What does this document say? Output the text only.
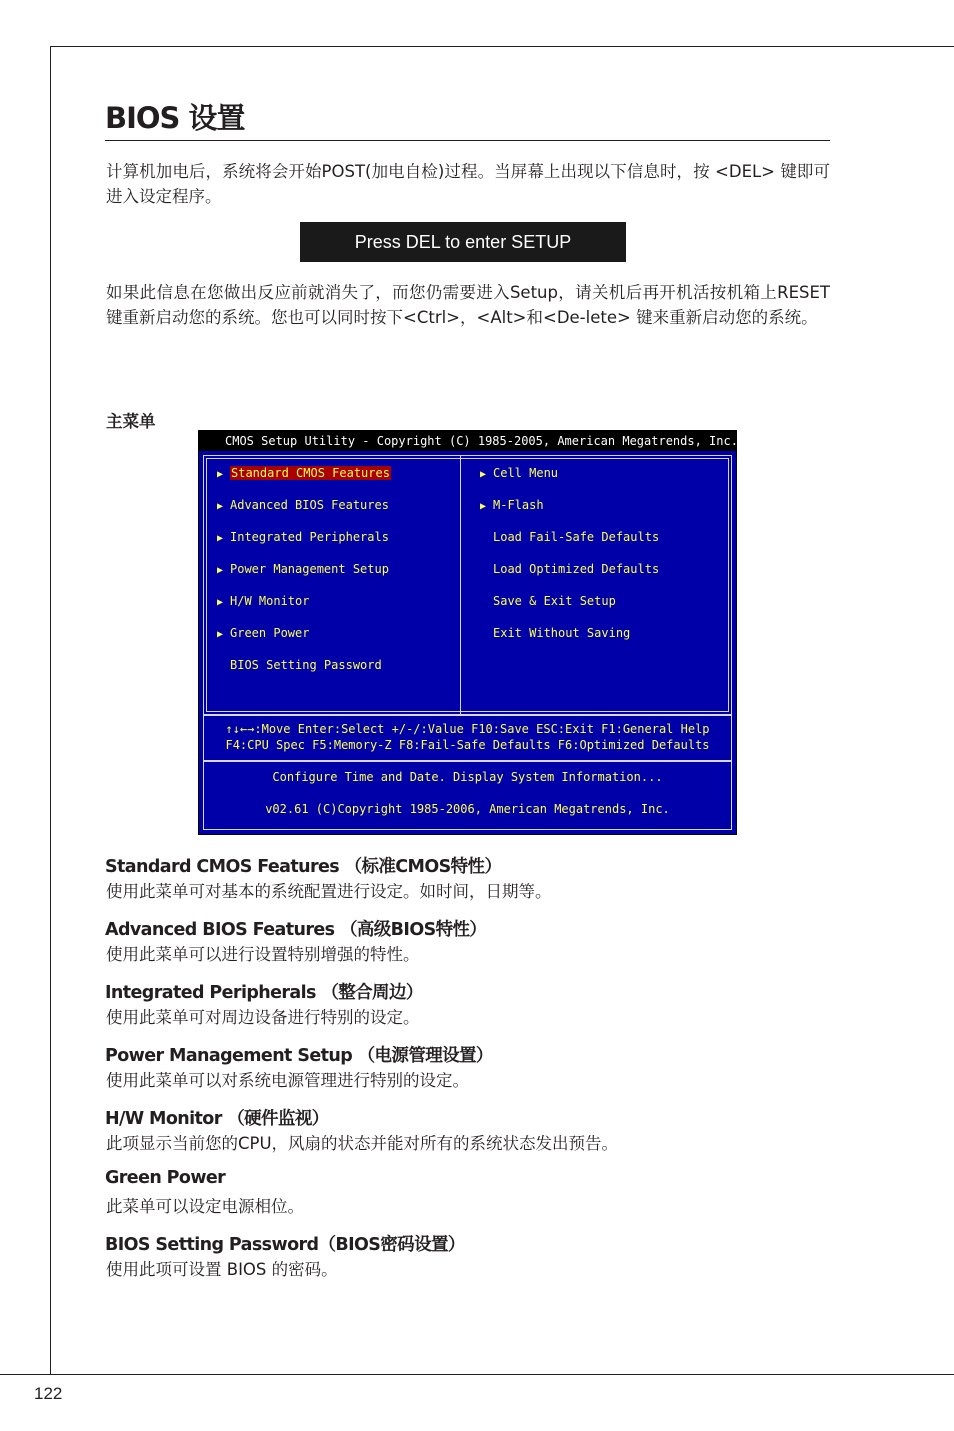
BIOS 设置
计算机加电后，系统将会开始POST(加电自检)过程。当屏幕上出现以下信息时，按 <DEL> 键即可进入设定程序。
Press DEL to enter SETUP
如果此信息在您做出反应前就消失了，而您仍需要进入Setup，请关机后再开机活按机箱上RESET键重新启动您的系统。您也可以同时按下<Ctrl>，<Alt>和<De-lete> 键来重新启动您的系统。
主菜单
CMOS Setup Utility - Copyright (C) 1985-2005, American Megatrends, Inc.
▶ Standard CMOS Features
▶ Advanced BIOS Features
▶ Integrated Peripherals
▶ Power Management Setup
▶ H/W Monitor
▶ Green Power
BIOS Setting Password
▶ Cell Menu
▶ M-Flash
Load Fail-Safe Defaults
Load Optimized Defaults
Save & Exit Setup
Exit Without Saving
↑↓←→:Move Enter:Select +/-/:Value F10:Save ESC:Exit F1:General Help
F4:CPU Spec F5:Memory-Z F8:Fail-Safe Defaults F6:Optimized Defaults
Configure Time and Date. Display System Information...
v02.61 (C)Copyright 1985-2006, American Megatrends, Inc.
Standard CMOS Features （标准CMOS特性）
使用此菜单可对基本的系统配置进行设定。如时间，日期等。
Advanced BIOS Features （高级BIOS特性）
使用此菜单可以进行设置特别增强的特性。
Integrated Peripherals （整合周边）
使用此菜单可对周边设备进行特别的设定。
Power Management Setup （电源管理设置）
使用此菜单可以对系统电源管理进行特别的设定。
H/W Monitor （硬件监视）
此项显示当前您的CPU，风扇的状态并能对所有的系统状态发出预告。
Green Power
此菜单可以设定电源相位。
BIOS Setting Password（BIOS密码设置）
使用此项可设置 BIOS 的密码。
122
